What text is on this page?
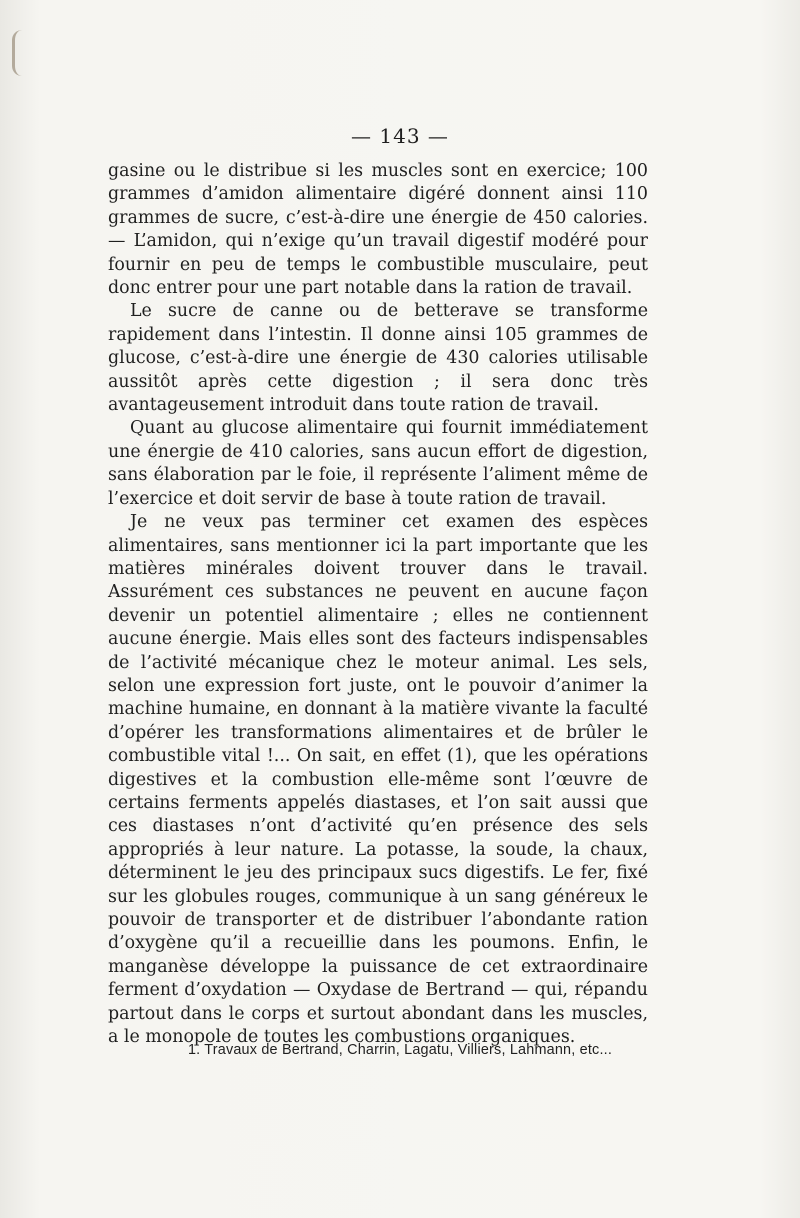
— 143 —

gasine ou le distribue si les muscles sont en exercice; 100 grammes d’amidon alimentaire digéré donnent ainsi 110 grammes de sucre, c’est-à-dire une énergie de 450 calories. — L’amidon, qui n’exige qu’un travail digestif modéré pour fournir en peu de temps le combustible musculaire, peut donc entrer pour une part notable dans la ration de travail.

Le sucre de canne ou de betterave se transforme rapidement dans l’intestin. Il donne ainsi 105 grammes de glucose, c’est-à-dire une énergie de 430 calories utilisable aussitôt après cette digestion ; il sera donc très avantageusement introduit dans toute ration de travail.

Quant au glucose alimentaire qui fournit immédiatement une énergie de 410 calories, sans aucun effort de digestion, sans élaboration par le foie, il représente l’aliment même de l’exercice et doit servir de base à toute ration de travail.

Je ne veux pas terminer cet examen des espèces alimentaires, sans mentionner ici la part importante que les matières minérales doivent trouver dans le travail. Assurément ces substances ne peuvent en aucune façon devenir un potentiel alimentaire ; elles ne contiennent aucune énergie. Mais elles sont des facteurs indispensables de l’activité mécanique chez le moteur animal. Les sels, selon une expression fort juste, ont le pouvoir d’animer la machine humaine, en donnant à la matière vivante la faculté d’opérer les transformations alimentaires et de brûler le combustible vital !... On sait, en effet (1), que les opérations digestives et la combustion elle-même sont l’œuvre de certains ferments appelés diastases, et l’on sait aussi que ces diastases n’ont d’activité qu’en présence des sels appropriés à leur nature. La potasse, la soude, la chaux, déterminent le jeu des principaux sucs digestifs. Le fer, fixé sur les globules rouges, communique à un sang généreux le pouvoir de transporter et de distribuer l’abondante ration d’oxygène qu’il a recueillie dans les poumons. Enfin, le manganèse développe la puissance de cet extraordinaire ferment d’oxydation — Oxydase de Bertrand — qui, répandu partout dans le corps et surtout abondant dans les muscles, a le monopole de toutes les combustions organiques.

1. Travaux de Bertrand, Charrin, Lagatu, Villiers, Lahmann, etc...
